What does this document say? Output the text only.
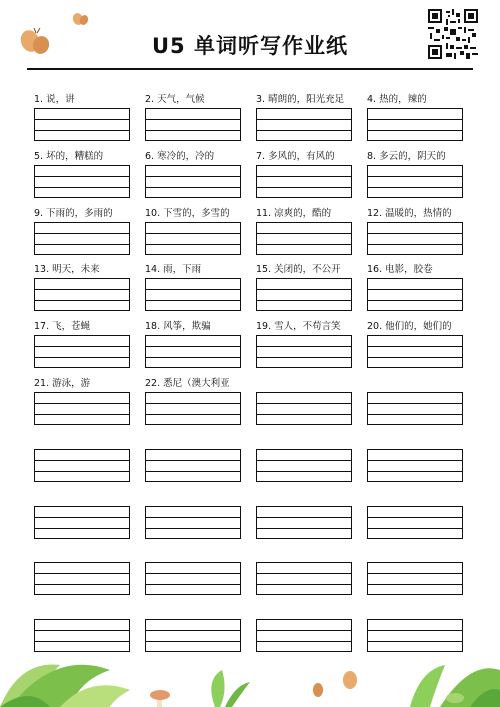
U5 单词听写作业纸
1. 说，讲	2. 天气，气候	3. 晴朗的，阳光充足	4. 热的，辣的
5. 坏的，糟糕的	6. 寒冷的，冷的	7. 多风的，有风的	8. 多云的，阴天的
9. 下雨的，多雨的	10. 下雪的，多雪的	11. 凉爽的，酷的	12. 温暖的，热情的
13. 明天，未来	14. 雨，下雨	15. 关闭的，不公开	16. 电影，胶卷
17. 飞，苍蝇	18. 风筝，欺骗	19. 雪人，不苟言笑	20. 他们的，她们的
21. 游泳，游	22. 悉尼（澳大利亚
